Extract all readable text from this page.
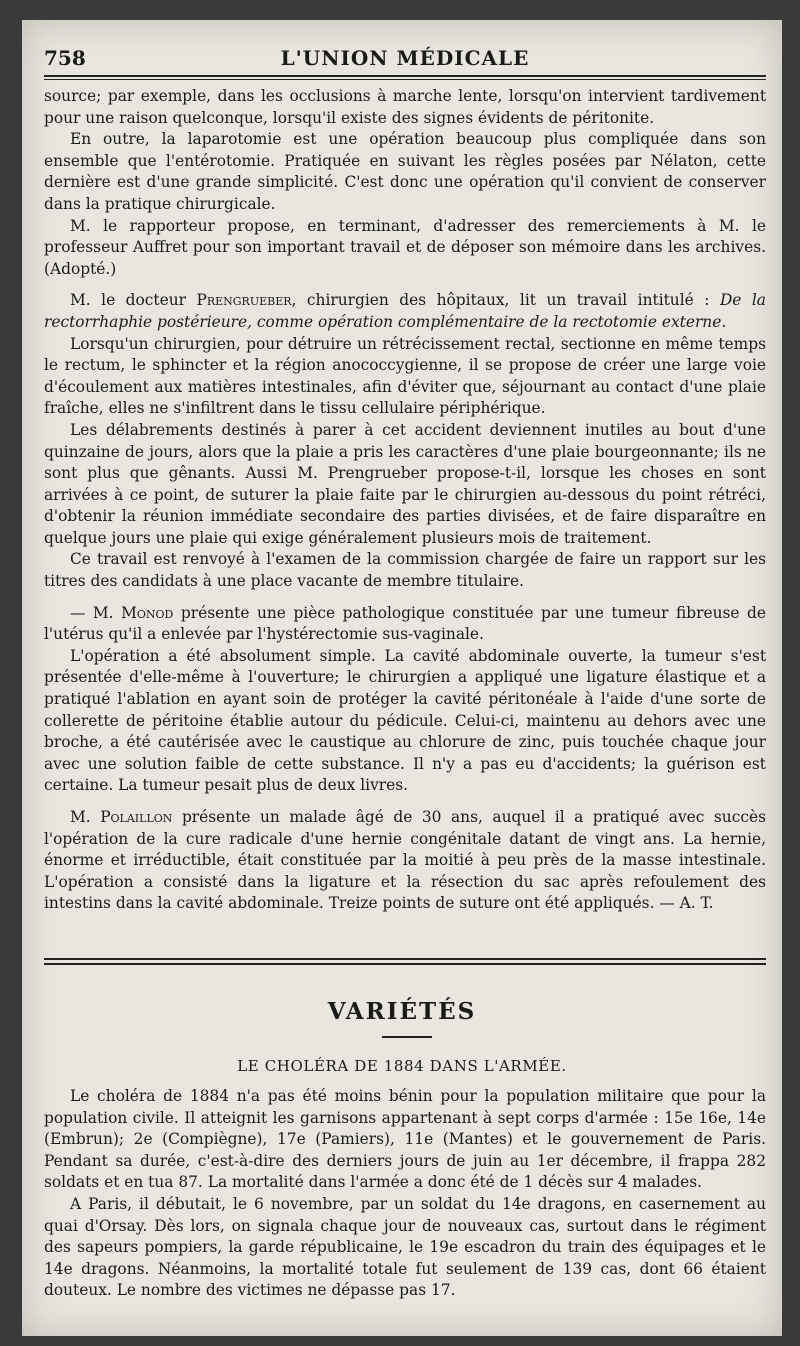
758	L'UNION MÉDICALE

source; par exemple, dans les occlusions à marche lente, lorsqu'on intervient tardivement pour une raison quelconque, lorsqu'il existe des signes évidents de péritonite.

En outre, la laparotomie est une opération beaucoup plus compliquée dans son ensemble que l'entérotomie. Pratiquée en suivant les règles posées par Nélaton, cette dernière est d'une grande simplicité. C'est donc une opération qu'il convient de conserver dans la pratique chirurgicale.

M. le rapporteur propose, en terminant, d'adresser des remerciements à M. le professeur Auffret pour son important travail et de déposer son mémoire dans les archives. (Adopté.)

M. le docteur Prengrueber, chirurgien des hôpitaux, lit un travail intitulé : De la rectorrhaphie postérieure, comme opération complémentaire de la rectotomie externe.

Lorsqu'un chirurgien, pour détruire un rétrécissement rectal, sectionne en même temps le rectum, le sphincter et la région anococcygienne, il se propose de créer une large voie d'écoulement aux matières intestinales, afin d'éviter que, séjournant au contact d'une plaie fraîche, elles ne s'infiltrent dans le tissu cellulaire périphérique.

Les délabrements destinés à parer à cet accident deviennent inutiles au bout d'une quinzaine de jours, alors que la plaie a pris les caractères d'une plaie bourgeonnante; ils ne sont plus que gênants. Aussi M. Prengrueber propose-t-il, lorsque les choses en sont arrivées à ce point, de suturer la plaie faite par le chirurgien au-dessous du point rétréci, d'obtenir la réunion immédiate secondaire des parties divisées, et de faire disparaître en quelque jours une plaie qui exige généralement plusieurs mois de traitement.

Ce travail est renvoyé à l'examen de la commission chargée de faire un rapport sur les titres des candidats à une place vacante de membre titulaire.

— M. Monod présente une pièce pathologique constituée par une tumeur fibreuse de l'utérus qu'il a enlevée par l'hystérectomie sus-vaginale.

L'opération a été absolument simple. La cavité abdominale ouverte, la tumeur s'est présentée d'elle-même à l'ouverture; le chirurgien a appliqué une ligature élastique et a pratiqué l'ablation en ayant soin de protéger la cavité péritonéale à l'aide d'une sorte de collerette de péritoine établie autour du pédicule. Celui-ci, maintenu au dehors avec une broche, a été cautérisée avec le caustique au chlorure de zinc, puis touchée chaque jour avec une solution faible de cette substance. Il n'y a pas eu d'accidents; la guérison est certaine. La tumeur pesait plus de deux livres.

M. Polaillon présente un malade âgé de 30 ans, auquel il a pratiqué avec succès l'opération de la cure radicale d'une hernie congénitale datant de vingt ans. La hernie, énorme et irréductible, était constituée par la moitié à peu près de la masse intestinale. L'opération a consisté dans la ligature et la résection du sac après refoulement des intestins dans la cavité abdominale. Treize points de suture ont été appliqués. — A. T.

VARIÉTÉS
LE CHOLÉRA DE 1884 DANS L'ARMÉE.

Le choléra de 1884 n'a pas été moins bénin pour la population militaire que pour la population civile. Il atteignit les garnisons appartenant à sept corps d'armée : 15e 16e, 14e (Embrun); 2e (Compiègne), 17e (Pamiers), 11e (Mantes) et le gouvernement de Paris. Pendant sa durée, c'est-à-dire des derniers jours de juin au 1er décembre, il frappa 282 soldats et en tua 87. La mortalité dans l'armée a donc été de 1 décès sur 4 malades.

A Paris, il débutait, le 6 novembre, par un soldat du 14e dragons, en casernement au quai d'Orsay. Dès lors, on signala chaque jour de nouveaux cas, surtout dans le régiment des sapeurs pompiers, la garde républicaine, le 19e escadron du train des équipages et le 14e dragons. Néanmoins, la mortalité totale fut seulement de 139 cas, dont 66 étaient douteux. Le nombre des victimes ne dépasse pas 17.
